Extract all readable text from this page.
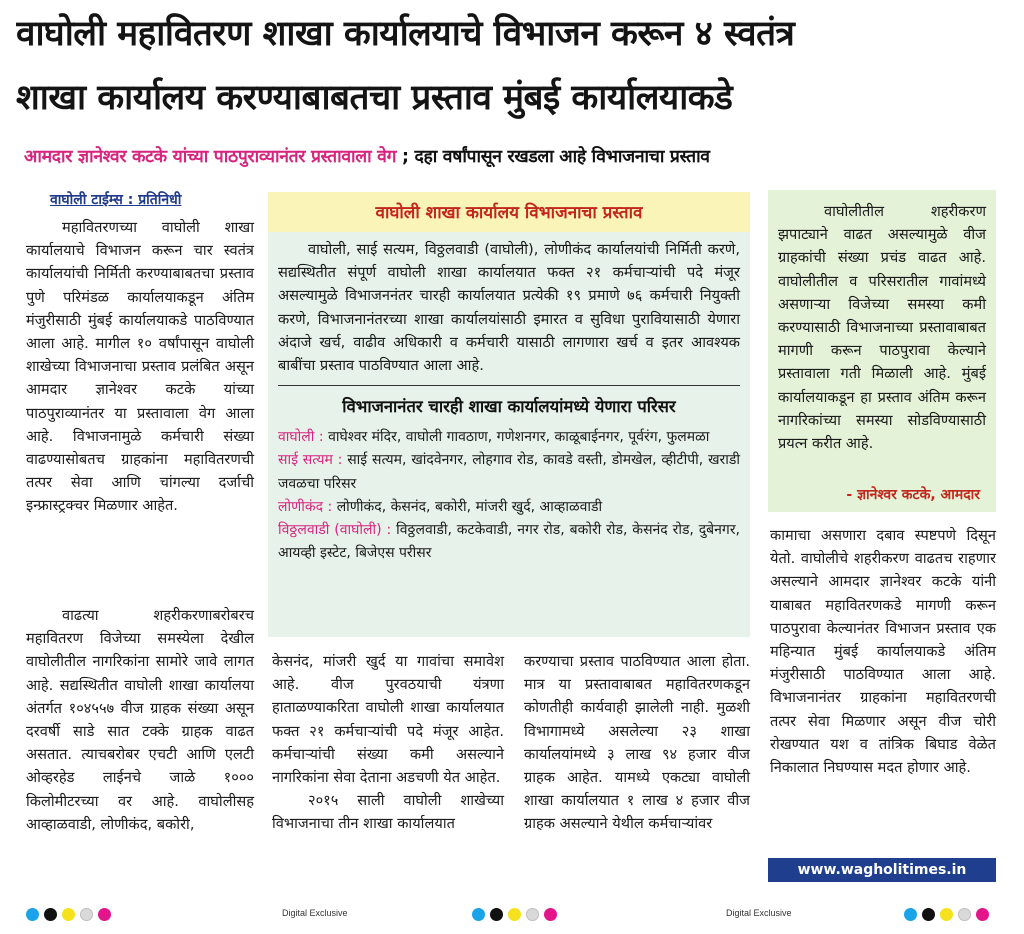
वाघोली महावितरण शाखा कार्यालयाचे विभाजन करून ४ स्वतंत्र
शाखा कार्यालय करण्याबाबतचा प्रस्ताव मुंबई कार्यालयाकडे
आमदार ज्ञानेश्वर कटके यांच्या पाठपुराव्यानंतर प्रस्तावाला वेग ; दहा वर्षांपासून रखडला आहे विभाजनाचा प्रस्ताव
वाघोली टाईम्स : प्रतिनिधी

महावितरणच्या वाघोली शाखा कार्यालयाचे विभाजन करून चार स्वतंत्र कार्यालयांची निर्मिती करण्याबाबतचा प्रस्ताव पुणे परिमंडळ कार्यालयाकडून अंतिम मंजुरीसाठी मुंबई कार्यालयाकडे पाठविण्यात आला आहे. मागील १० वर्षांपासून वाघोली शाखेच्या विभाजनाचा प्रस्ताव प्रलंबित असून आमदार ज्ञानेश्वर कटके यांच्या पाठपुराव्यानंतर या प्रस्तावाला वेग आला आहे. विभाजनामुळे कर्मचारी संख्या वाढण्यासोबतच ग्राहकांना महावितरणची तत्पर सेवा आणि चांगल्या दर्जाची इन्फ्रास्ट्रक्चर मिळणार आहेत.

वाढत्या शहरीकरणाबरोबरच महावितरण विजेच्या समस्येला देखील वाघोलीतील नागरिकांना सामोरे जावे लागत आहे. सद्यस्थितीत वाघोली शाखा कार्यालया अंतर्गत १०४५५७ वीज ग्राहक संख्या असून दरवर्षी साडे सात टक्के ग्राहक वाढत असतात. त्याचबरोबर एचटी आणि एलटी ओव्हरहेड लाईनचे जाळे १००० किलोमीटरच्या वर आहे. वाघोलीसह आव्हाळवाडी, लोणीकंद, बकोरी,

वाघोली शाखा कार्यालय विभाजनाचा प्रस्ताव
वाघोली, साई सत्यम, विठ्ठलवाडी (वाघोली), लोणीकंद कार्यालयांची निर्मिती करणे, सद्यस्थितीत संपूर्ण वाघोली शाखा कार्यालयात फक्त २१ कर्मचाऱ्यांची पदे मंजूर असल्यामुळे विभाजननंतर चारही कार्यालयात प्रत्येकी १९ प्रमाणे ७६ कर्मचारी नियुक्ती करणे, विभाजनानंतरच्या शाखा कार्यालयांसाठी इमारत व सुविधा पुरावियासाठी येणारा अंदाजे खर्च, वाढीव अधिकारी व कर्मचारी यासाठी लागणारा खर्च व इतर आवश्यक बाबींचा प्रस्ताव पाठविण्यात आला आहे.
विभाजनानंतर चारही शाखा कार्यालयांमध्ये येणारा परिसर
वाघोली : वाघेश्वर मंदिर, वाघोली गावठाण, गणेशनगर, काळूबाईनगर, पूर्वरंग, फुलमळा
साई सत्यम : साई सत्यम, खांदवेनगर, लोहगाव रोड, कावडे वस्ती, डोमखेल, व्हीटीपी, खराडी जवळचा परिसर
लोणीकंद : लोणीकंद, केसनंद, बकोरी, मांजरी खुर्द, आव्हाळवाडी
विठ्ठलवाडी (वाघोली) : विठ्ठलवाडी, कटकेवाडी, नगर रोड, बकोरी रोड, केसनंद रोड, दुबेनगर, आयव्ही इस्टेट, बिजेएस परीसर
वाघोलीतील शहरीकरण झपाट्याने वाढत असल्यामुळे वीज ग्राहकांची संख्या प्रचंड वाढत आहे. वाघोलीतील व परिसरातील गावांमध्ये असणाऱ्या विजेच्या समस्या कमी करण्यासाठी विभाजनाच्या प्रस्तावाबाबत मागणी करून पाठपुरावा केल्याने प्रस्तावाला गती मिळाली आहे. मुंबई कार्यालयाकडून हा प्रस्ताव अंतिम करून नागरिकांच्या समस्या सोडविण्यासाठी प्रयत्न करीत आहे.
- ज्ञानेश्वर कटके, आमदार

केसनंद, मांजरी खुर्द या गावांचा समावेश आहे. वीज पुरवठयाची यंत्रणा हाताळण्याकरिता वाघोली शाखा कार्यालयात फक्त २१ कर्मचाऱ्यांची पदे मंजूर आहेत. कर्मचाऱ्यांची संख्या कमी असल्याने नागरिकांना सेवा देताना अडचणी येत आहेत.

२०१५ साली वाघोली शाखेच्या विभाजनाचा तीन शाखा कार्यालयात

करण्याचा प्रस्ताव पाठविण्यात आला होता. मात्र या प्रस्तावाबाबत महावितरणकडून कोणतीही कार्यवाही झालेली नाही. मुळशी विभागामध्ये असलेल्या २३ शाखा कार्यालयांमध्ये ३ लाख ९४ हजार वीज ग्राहक आहेत. यामध्ये एकट्या वाघोली शाखा कार्यालयात १ लाख ४ हजार वीज ग्राहक असल्याने येथील कर्मचाऱ्यांवर

कामाचा असणारा दबाव स्पष्टपणे दिसून येतो. वाघोलीचे शहरीकरण वाढतच राहणार असल्याने आमदार ज्ञानेश्वर कटके यांनी याबाबत महावितरणकडे मागणी करून पाठपुरावा केल्यानंतर विभाजन प्रस्ताव एक महिन्यात मुंबई कार्यालयाकडे अंतिम मंजुरीसाठी पाठविण्यात आला आहे. विभाजनानंतर ग्राहकांना महावितरणची तत्पर सेवा मिळणार असून वीज चोरी रोखण्यात यश व तांत्रिक बिघाड वेळेत निकालात निघण्यास मदत होणार आहे.

www.wagholitimes.in
Digital Exclusive	Digital Exclusive
